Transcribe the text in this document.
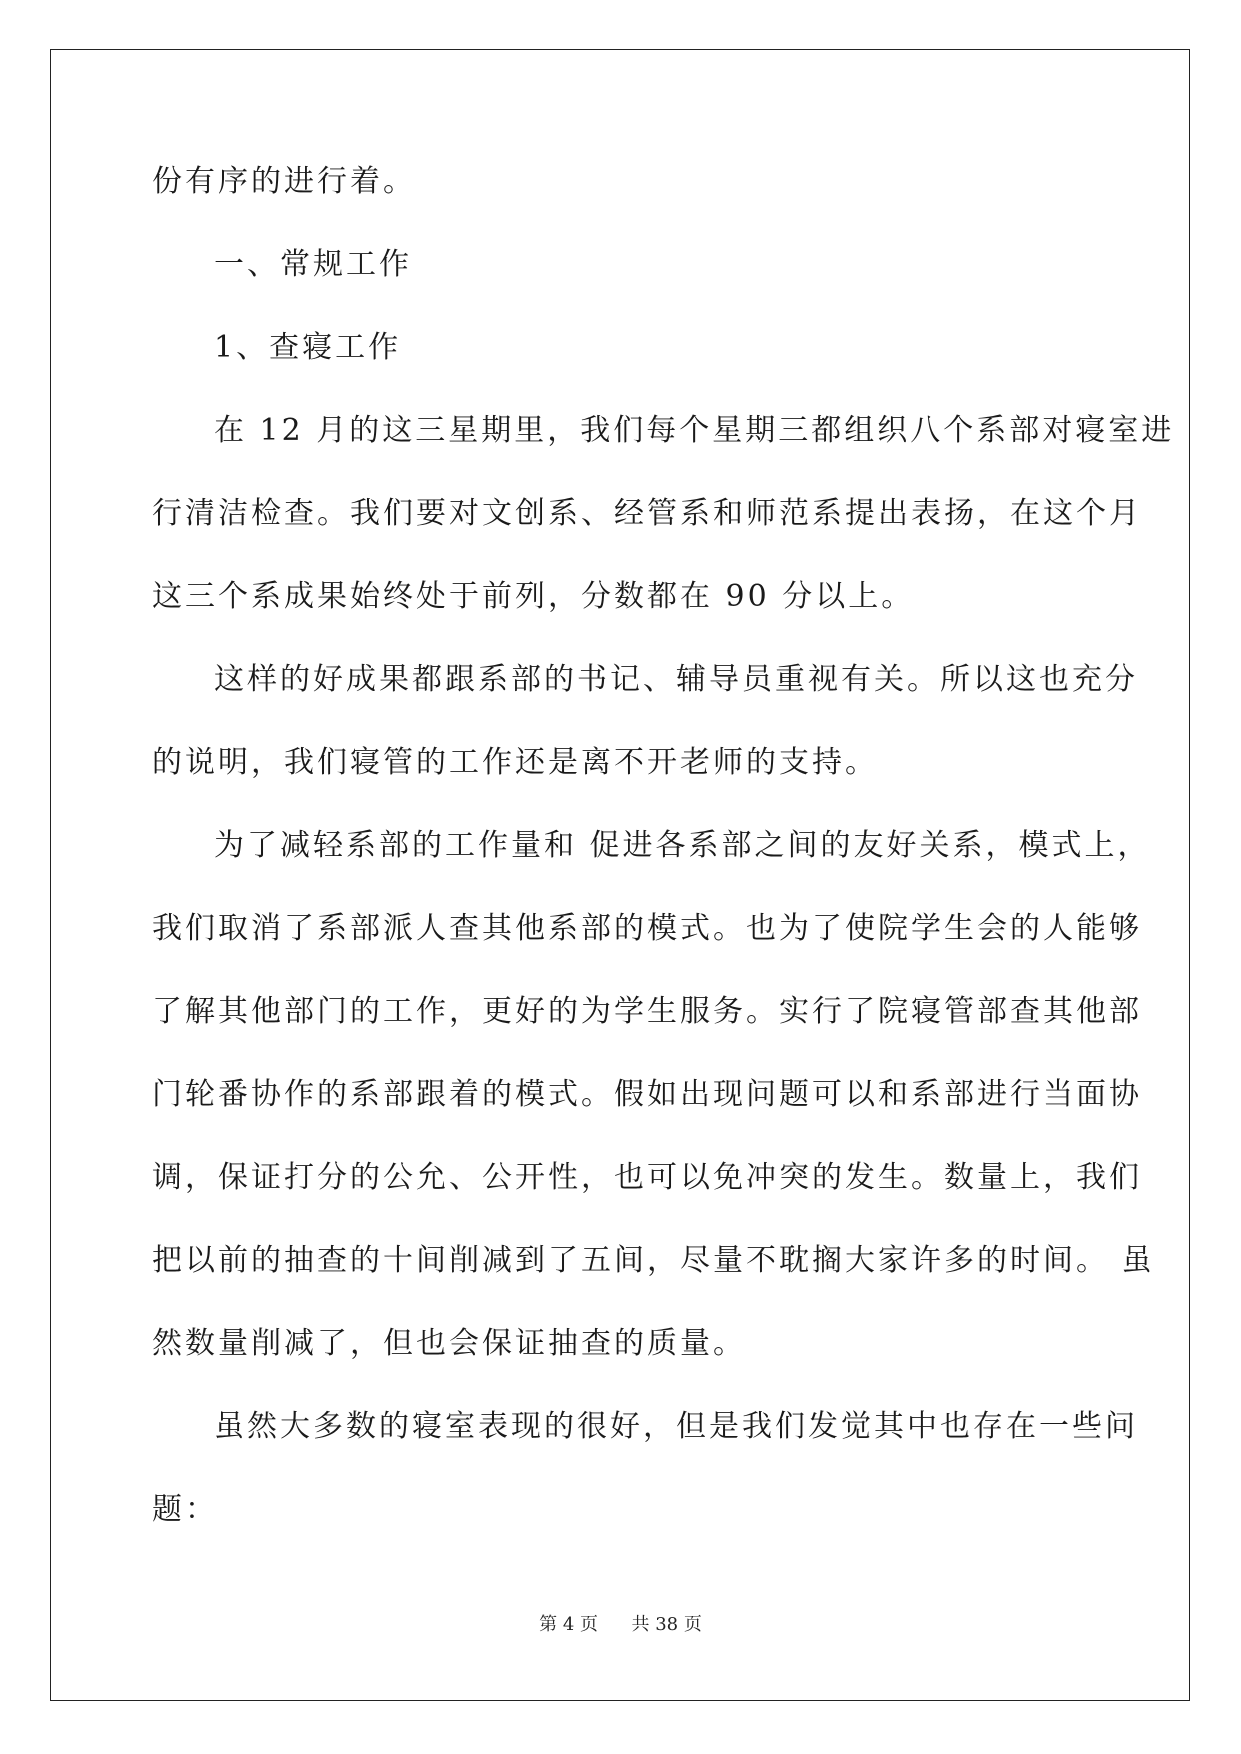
份有序的进行着。
一、常规工作
1、查寝工作
在 12 月的这三星期里，我们每个星期三都组织八个系部对寝室进
行清洁检查。我们要对文创系、经管系和师范系提出表扬，在这个月
这三个系成果始终处于前列，分数都在 90 分以上。
这样的好成果都跟系部的书记、辅导员重视有关。所以这也充分
的说明，我们寝管的工作还是离不开老师的支持。
为了减轻系部的工作量和 促进各系部之间的友好关系，模式上，
我们取消了系部派人查其他系部的模式。也为了使院学生会的人能够
了解其他部门的工作，更好的为学生服务。实行了院寝管部查其他部
门轮番协作的系部跟着的模式。假如出现问题可以和系部进行当面协
调，保证打分的公允、公开性，也可以免冲突的发生。数量上，我们
把以前的抽查的十间削减到了五间，尽量不耽搁大家许多的时间。 虽
然数量削减了，但也会保证抽查的质量。
虽然大多数的寝室表现的很好，但是我们发觉其中也存在一些问
题：
第 4 页 共 38 页
